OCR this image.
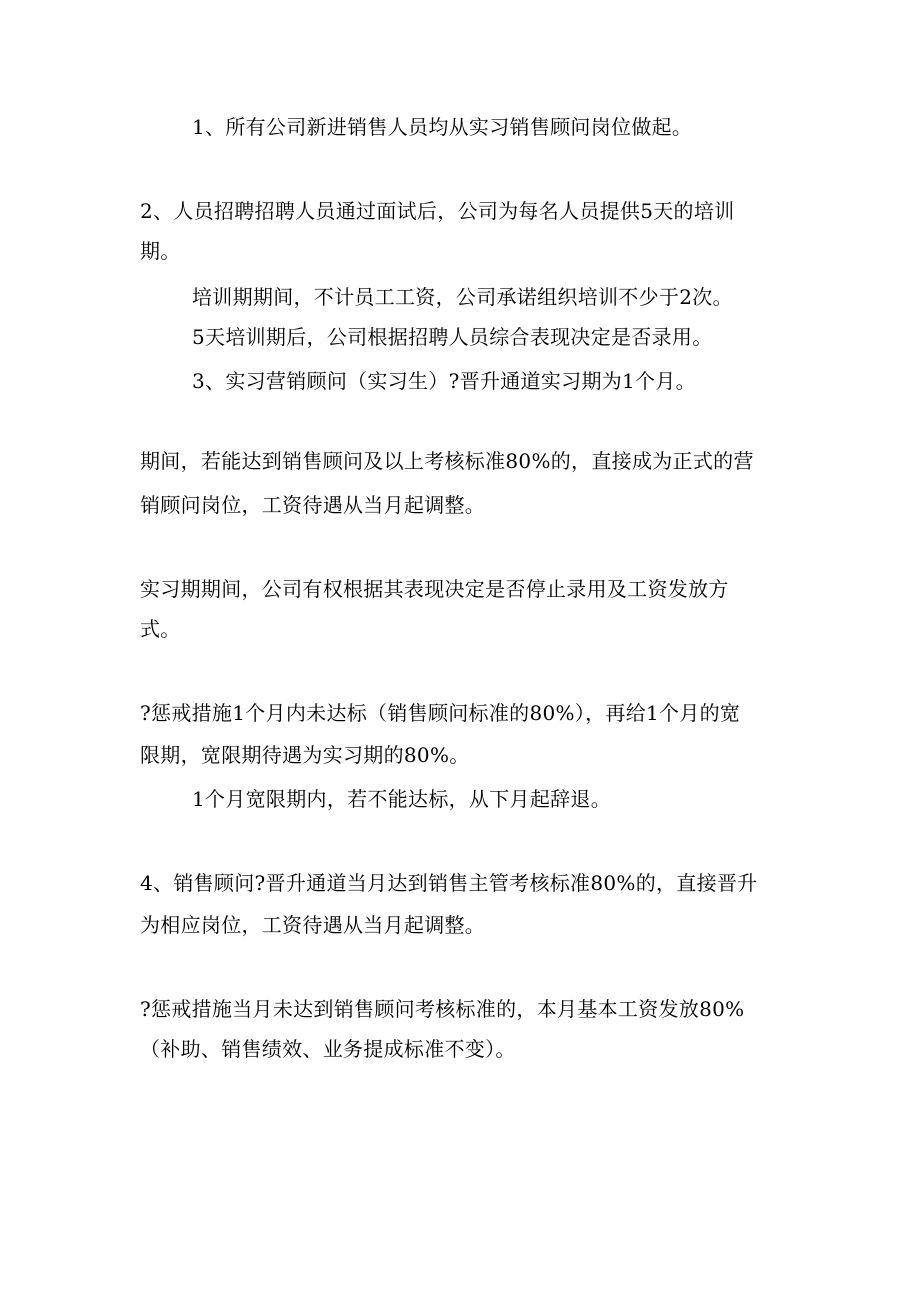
1、所有公司新进销售人员均从实习销售顾问岗位做起。
2、人员招聘招聘人员通过面试后，公司为每名人员提供5天的培训
期。
培训期期间，不计员工工资，公司承诺组织培训不少于2次。
5天培训期后，公司根据招聘人员综合表现决定是否录用。
3、实习营销顾问（实习生）?晋升通道实习期为1个月。
期间，若能达到销售顾问及以上考核标准80%的，直接成为正式的营
销顾问岗位，工资待遇从当月起调整。
实习期期间，公司有权根据其表现决定是否停止录用及工资发放方
式。
?惩戒措施1个月内未达标（销售顾问标准的80%），再给1个月的宽
限期，宽限期待遇为实习期的80%。
1个月宽限期内，若不能达标，从下月起辞退。
4、销售顾问?晋升通道当月达到销售主管考核标准80%的，直接晋升
为相应岗位，工资待遇从当月起调整。
?惩戒措施当月未达到销售顾问考核标准的，本月基本工资发放80%
（补助、销售绩效、业务提成标准不变）。
